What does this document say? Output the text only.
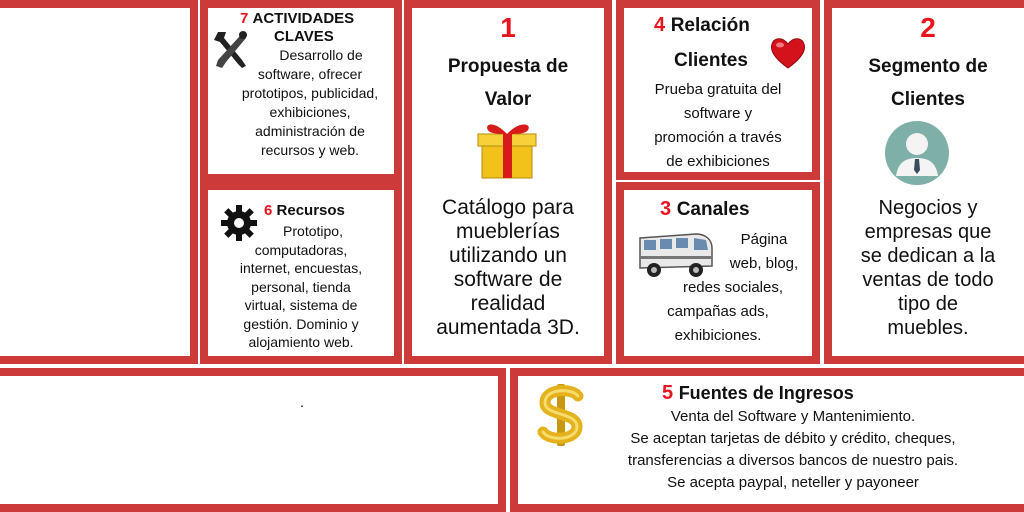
7 ACTIVIDADES
CLAVES
Desarrollo de
software, ofrecer
prototipos, publicidad,
exhibiciones,
administración de
recursos y web.
6 Recursos
Prototipo,
computadoras,
internet, encuestas,
personal, tienda
virtual, sistema de
gestión. Dominio y
alojamiento web.
1
Propuesta de
Valor
Catálogo para
mueblerías
utilizando un
software de
realidad
aumentada 3D.
4 Relación
Clientes
Prueba gratuita del
software y
promoción a través
de exhibiciones
3 Canales
Página
web, blog,
redes sociales,
campañas ads,
exhibiciones.
2
Segmento de
Clientes
Negocios y
empresas que
se dedican a la
ventas de todo
tipo de
muebles.
.	5 Fuentes de Ingresos
Venta del Software y Mantenimiento.
Se aceptan tarjetas de débito y crédito, cheques,
transferencias a diversos bancos de nuestro pais.
Se acepta paypal, neteller y payoneer
